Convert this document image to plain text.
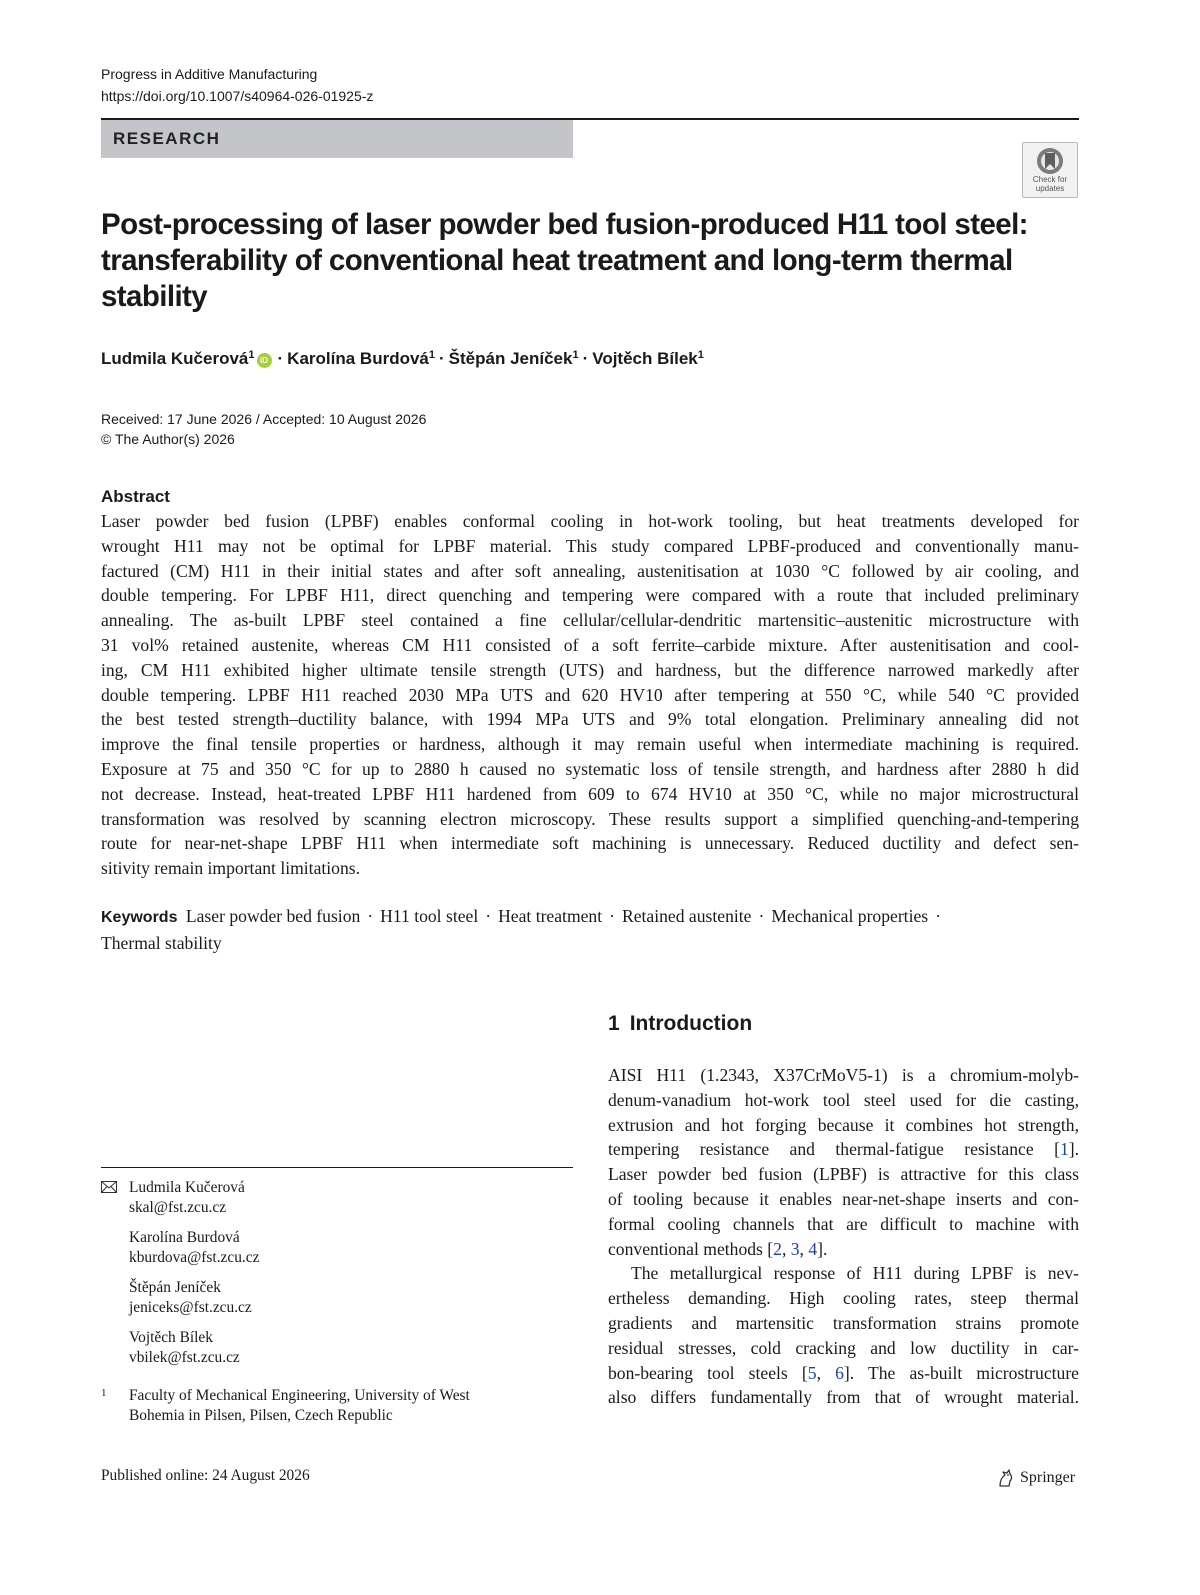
Progress in Additive Manufacturing
https://doi.org/10.1007/s40964-026-01925-z
RESEARCH
Check for
updates
Post-processing of laser powder bed fusion-produced H11 tool steel:
transferability of conventional heat treatment and long-term thermal
stability
Ludmila Kučerová$^1$ iD · Karolína Burdová$^1$ · Štěpán Jeníček$^1$ · Vojtěch Bílek$^1$
Received: 17 June 2026 / Accepted: 10 August 2026
© The Author(s) 2026
Abstract
Laser powder bed fusion (LPBF) enables conformal cooling in hot-work tooling, but heat treatments developed for
wrought H11 may not be optimal for LPBF material. This study compared LPBF-produced and conventionally manu-
factured (CM) H11 in their initial states and after soft annealing, austenitisation at 1030 °C followed by air cooling, and
double tempering. For LPBF H11, direct quenching and tempering were compared with a route that included preliminary
annealing. The as-built LPBF steel contained a fine cellular/cellular-dendritic martensitic–austenitic microstructure with
31 vol% retained austenite, whereas CM H11 consisted of a soft ferrite–carbide mixture. After austenitisation and cool-
ing, CM H11 exhibited higher ultimate tensile strength (UTS) and hardness, but the difference narrowed markedly after
double tempering. LPBF H11 reached 2030 MPa UTS and 620 HV10 after tempering at 550 °C, while 540 °C provided
the best tested strength–ductility balance, with 1994 MPa UTS and 9% total elongation. Preliminary annealing did not
improve the final tensile properties or hardness, although it may remain useful when intermediate machining is required.
Exposure at 75 and 350 °C for up to 2880 h caused no systematic loss of tensile strength, and hardness after 2880 h did
not decrease. Instead, heat-treated LPBF H11 hardened from 609 to 674 HV10 at 350 °C, while no major microstructural
transformation was resolved by scanning electron microscopy. These results support a simplified quenching-and-tempering
route for near-net-shape LPBF H11 when intermediate soft machining is unnecessary. Reduced ductility and defect sen-
sitivity remain important limitations.
Keywords Laser powder bed fusion · H11 tool steel · Heat treatment · Retained austenite · Mechanical properties ·
Thermal stability
1 Introduction
AISI H11 (1.2343, X37CrMoV5-1) is a chromium-molyb-
denum-vanadium hot-work tool steel used for die casting,
extrusion and hot forging because it combines hot strength,
tempering resistance and thermal-fatigue resistance [1].
Laser powder bed fusion (LPBF) is attractive for this class
of tooling because it enables near-net-shape inserts and con-
formal cooling channels that are difficult to machine with
conventional methods [2, 3, 4].
The metallurgical response of H11 during LPBF is nev-
ertheless demanding. High cooling rates, steep thermal
gradients and martensitic transformation strains promote
residual stresses, cold cracking and low ductility in car-
bon-bearing tool steels [5, 6]. The as-built microstructure
also differs fundamentally from that of wrought material.
Ludmila Kučerová
skal@fst.zcu.cz
Karolína Burdová
kburdova@fst.zcu.cz
Štěpán Jeníček
jeniceks@fst.zcu.cz
Vojtěch Bílek
vbilek@fst.zcu.cz
1 Faculty of Mechanical Engineering, University of West
Bohemia in Pilsen, Pilsen, Czech Republic
Published online: 24 August 2026	Springer
